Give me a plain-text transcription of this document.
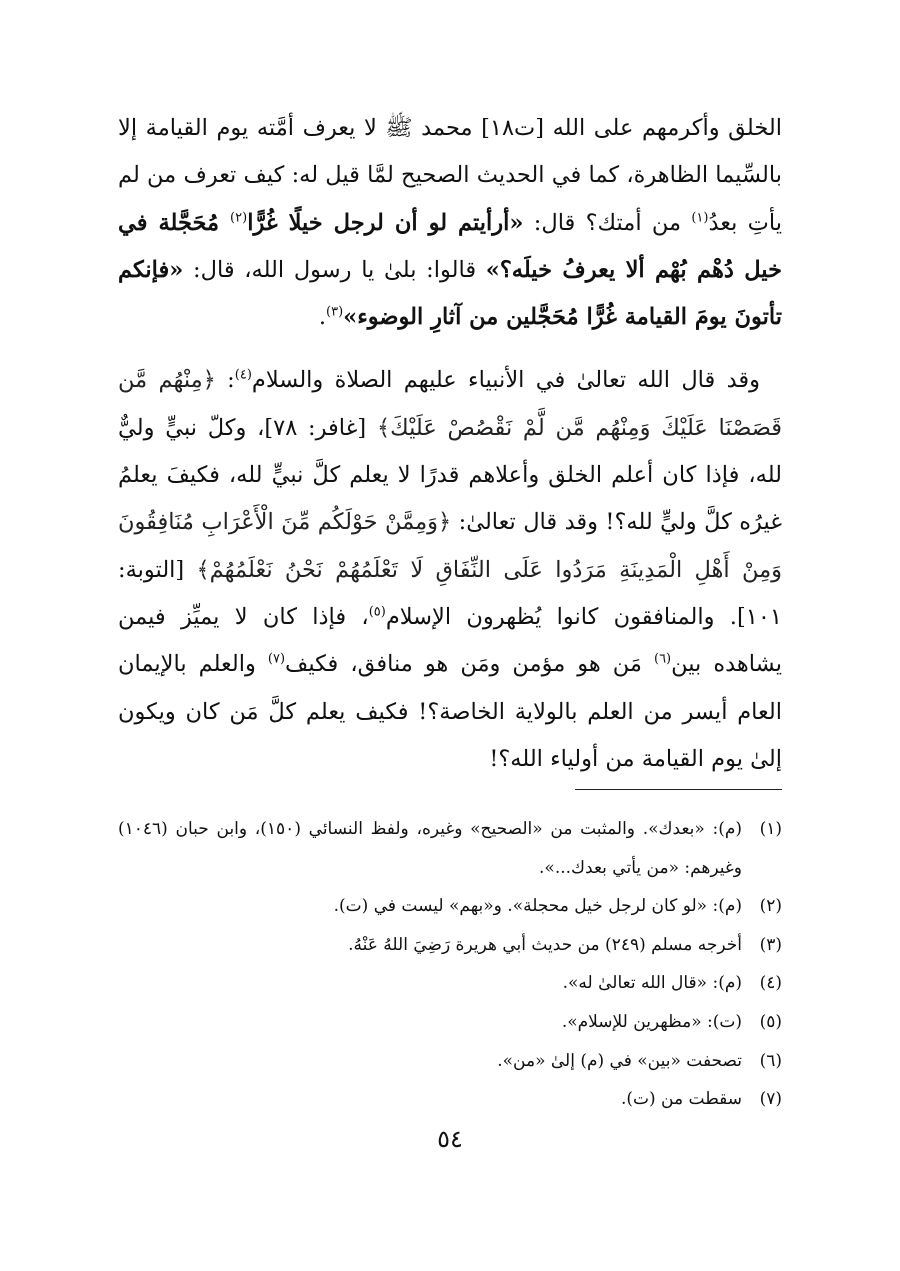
الخلق وأكرمهم على الله [ت١٨] محمد ﷺ لا يعرف أمَّته يوم القيامة إلا بالسِّيما الظاهرة، كما في الحديث الصحيح لمَّا قيل له: كيف تعرف من لم يأتِ بعدُ$^{(١)}$ من أمتك؟ قال: «أرأيتم لو أن لرجل خيلًا غُرًّا$^{(٢)}$ مُحَجَّلة في خيل دُهْم بُهْم ألا يعرفُ خيلَه؟» قالوا: بلىٰ يا رسول الله، قال: «فإنكم تأتونَ يومَ القيامة غُرًّا مُحَجَّلين من آثارِ الوضوء»$^{(٣)}$.

وقد قال الله تعالىٰ في الأنبياء عليهم الصلاة والسلام$^{(٤)}$: ﴿مِنْهُم مَّن قَصَصْنَا عَلَيْكَ وَمِنْهُم مَّن لَّمْ نَقْصُصْ عَلَيْكَ﴾ [غافر: ٧٨]، وكلّ نبيٍّ وليٌّ لله، فإذا كان أعلم الخلق وأعلاهم قدرًا لا يعلم كلَّ نبيٍّ لله، فكيفَ يعلمُ غيرُه كلَّ وليٍّ لله؟! وقد قال تعالىٰ: ﴿وَمِمَّنْ حَوْلَكُم مِّنَ الْأَعْرَابِ مُنَافِقُونَ وَمِنْ أَهْلِ الْمَدِينَةِ مَرَدُوا عَلَى النِّفَاقِ لَا تَعْلَمُهُمْ نَحْنُ نَعْلَمُهُمْ﴾ [التوبة: ١٠١]. والمنافقون كانوا يُظهرون الإسلام$^{(٥)}$، فإذا كان لا يميِّز فيمن يشاهده بين$^{(٦)}$ مَن هو مؤمن ومَن هو منافق، فكيف$^{(٧)}$ والعلم بالإيمان العام أيسر من العلم بالولاية الخاصة؟! فكيف يعلم كلَّ مَن كان ويكون إلىٰ يوم القيامة من أولياء الله؟!

(١)
(م): «بعدك». والمثبت من «الصحيح» وغيره، ولفظ النسائي (١٥٠)، وابن حبان (١٠٤٦) وغيرهم: «من يأتي بعدك...».
(٢)
(م): «لو كان لرجل خيل محجلة». و«بهم» ليست في (ت).
(٣)
أخرجه مسلم (٢٤٩) من حديث أبي هريرة رَضِيَ اللهُ عَنْهُ.
(٤)
(م): «قال الله تعالىٰ له».
(٥)
(ت): «مظهرين للإسلام».
(٦)
تصحفت «بين» في (م) إلىٰ «من».
(٧)
سقطت من (ت).
٥٤
